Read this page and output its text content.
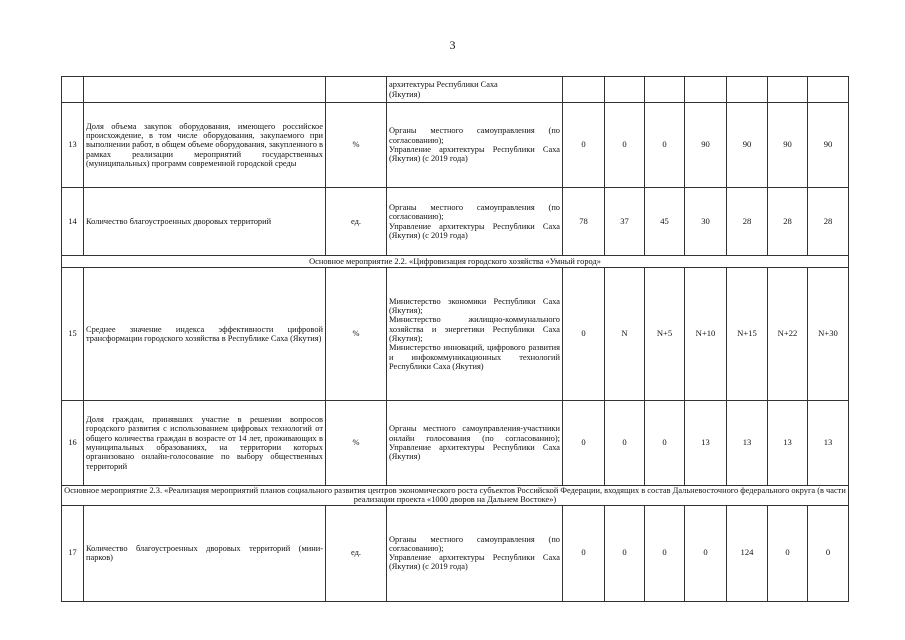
3

			архитектуры Республики Саха
(Якутия)							

13	Доля объема закупок оборудования, имеющего российское происхождение, в том числе оборудования, закупаемого при выполнении работ, в общем объеме оборудования, закупленного в рамках реализации мероприятий государственных (муниципальных) программ современной городской среды	%	Органы местного самоуправления (по согласованию);
Управление архитектуры Республики Саха (Якутия) (с 2019 года)	0	0	0	90	90	90	90
14	Количество благоустроенных дворовых территорий	ед.	Органы местного самоуправления (по согласованию);
Управление архитектуры Республики Саха (Якутия) (с 2019 года)	78	37	45	30	28	28	28
Основное мероприятие 2.2. «Цифровизация городского хозяйства «Умный город»										
15	Среднее значение индекса эффективности цифровой трансформации городского хозяйства в Республике Саха (Якутия)	%	Министерство экономики Республики Саха (Якутия);
Министерство жилищно-коммунального хозяйства и энергетики Республики Саха (Якутия);
Министерство инноваций, цифрового развития и инфокоммуникационных технологий Республики Саха (Якутия)	0	N	N+5	N+10	N+15	N+22	N+30
16	Доля граждан, принявших участие в решении вопросов городского развития с использованием цифровых технологий от общего количества граждан в возрасте от 14 лет, проживающих в муниципальных образованиях, на территории которых организовано онлайн-голосование по выбору общественных территорий	%	Органы местного самоуправления-участники онлайн голосования (по согласованию); Управление архитектуры Республики Саха (Якутия)	0	0	0	13	13	13	13
Основное мероприятие 2.3. «Реализация мероприятий планов социального развития центров экономического роста субъектов Российской Федерации, входящих в состав Дальневосточного федерального округа (в части реализации проекта «1000 дворов на Дальнем Востоке»)										
17	Количество благоустроенных дворовых территорий (мини-парков)	ед.	Органы местного самоуправления (по согласованию);
Управление архитектуры Республики Саха (Якутия) (с 2019 года)	0	0	0	0	124	0	0
